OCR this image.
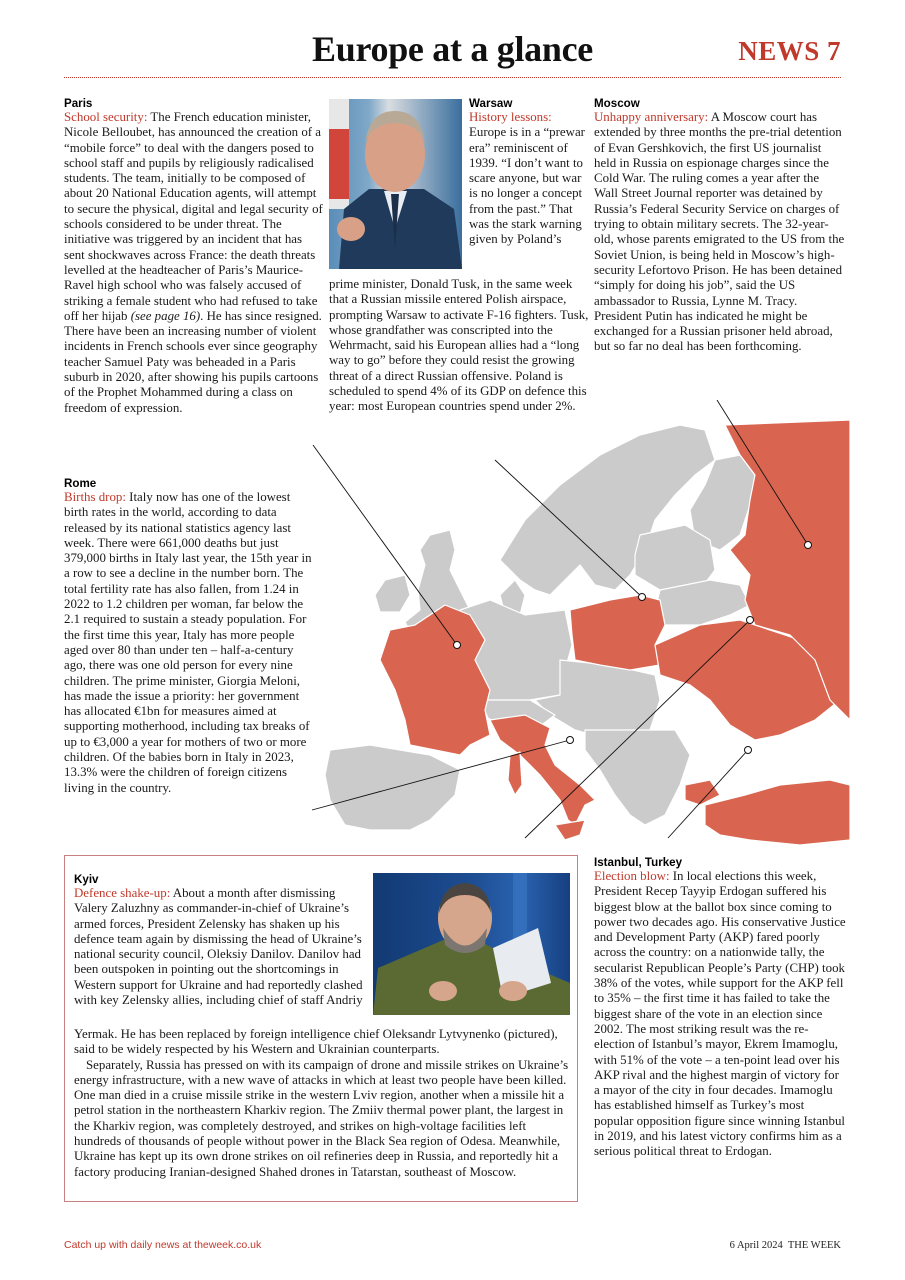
Europe at a glance	NEWS 7
Paris
School security: The French education minister, Nicole Belloubet, has announced the creation of a “mobile force” to deal with the dangers posed to school staff and pupils by religiously radicalised students. The team, initially to be composed of about 20 National Education agents, will attempt to secure the physical, digital and legal security of schools considered to be under threat. The initiative was triggered by an incident that has sent shockwaves across France: the death threats levelled at the headteacher of Paris’s Maurice-Ravel high school who was falsely accused of striking a female student who had refused to take off her hijab (see page 16). He has since resigned. There have been an increasing number of violent incidents in French schools ever since geography teacher Samuel Paty was beheaded in a Paris suburb in 2020, after showing his pupils cartoons of the Prophet Mohammed during a class on freedom of expression.
Warsaw
History lessons: Europe is in a “prewar era” reminiscent of 1939. “I don’t want to scare anyone, but war is no longer a concept from the past.” That was the stark warning given by Poland’s
prime minister, Donald Tusk, in the same week that a Russian missile entered Polish airspace, prompting Warsaw to activate F-16 fighters. Tusk, whose grandfather was conscripted into the Wehrmacht, said his European allies had a “long way to go” before they could resist the growing threat of a direct Russian offensive. Poland is scheduled to spend 4% of its GDP on defence this year: most European countries spend under 2%.
Moscow
Unhappy anniversary: A Moscow court has extended by three months the pre-trial detention of Evan Gershkovich, the first US journalist held in Russia on espionage charges since the Cold War. The ruling comes a year after the Wall Street Journal reporter was detained by Russia’s Federal Security Service on charges of trying to obtain military secrets. The 32-year-old, whose parents emigrated to the US from the Soviet Union, is being held in Moscow’s high-security Lefortovo Prison. He has been detained “simply for doing his job”, said the US ambassador to Russia, Lynne M. Tracy. President Putin has indicated he might be exchanged for a Russian prisoner held abroad, but so far no deal has been forthcoming.
Rome
Births drop: Italy now has one of the lowest birth rates in the world, according to data released by its national statistics agency last week. There were 661,000 deaths but just 379,000 births in Italy last year, the 15th year in a row to see a decline in the number born. The total fertility rate has also fallen, from 1.24 in 2022 to 1.2 children per woman, far below the 2.1 required to sustain a steady population. For the first time this year, Italy has more people aged over 80 than under ten – half-a-century ago, there was one old person for every nine children. The prime minister, Giorgia Meloni, has made the issue a priority: her government has allocated €1bn for measures aimed at supporting motherhood, including tax breaks of up to €3,000 a year for mothers of two or more children. Of the babies born in Italy in 2023, 13.3% were the children of foreign citizens living in the country.
Kyiv
Defence shake-up: About a month after dismissing Valery Zaluzhny as commander-in-chief of Ukraine’s armed forces, President Zelensky has shaken up his defence team again by dismissing the head of Ukraine’s national security council, Oleksiy Danilov. Danilov had been outspoken in pointing out the shortcomings in Western support for Ukraine and had reportedly clashed with key Zelensky allies, including chief of staff Andriy
Yermak. He has been replaced by foreign intelligence chief Oleksandr Lytvynenko (pictured), said to be widely respected by his Western and Ukrainian counterparts.
Separately, Russia has pressed on with its campaign of drone and missile strikes on Ukraine’s energy infrastructure, with a new wave of attacks in which at least two people have been killed. One man died in a cruise missile strike in the western Lviv region, another when a missile hit a petrol station in the northeastern Kharkiv region. The Zmiiv thermal power plant, the largest in the Kharkiv region, was completely destroyed, and strikes on high-voltage facilities left hundreds of thousands of people without power in the Black Sea region of Odesa. Meanwhile, Ukraine has kept up its own drone strikes on oil refineries deep in Russia, and reportedly hit a factory producing Iranian-designed Shahed drones in Tatarstan, southeast of Moscow.
Istanbul, Turkey
Election blow: In local elections this week, President Recep Tayyip Erdogan suffered his biggest blow at the ballot box since coming to power two decades ago. His conservative Justice and Development Party (AKP) fared poorly across the country: on a nationwide tally, the secularist Republican People’s Party (CHP) took 38% of the votes, while support for the AKP fell to 35% – the first time it has failed to take the biggest share of the vote in an election since 2002. The most striking result was the re-election of Istanbul’s mayor, Ekrem Imamoglu, with 51% of the vote – a ten-point lead over his AKP rival and the highest margin of victory for a mayor of the city in four decades. Imamoglu has established himself as Turkey’s most popular opposition figure since winning Istanbul in 2019, and his latest victory confirms him as a serious political threat to Erdogan.
Catch up with daily news at theweek.co.uk	6 April 2024 THE WEEK
